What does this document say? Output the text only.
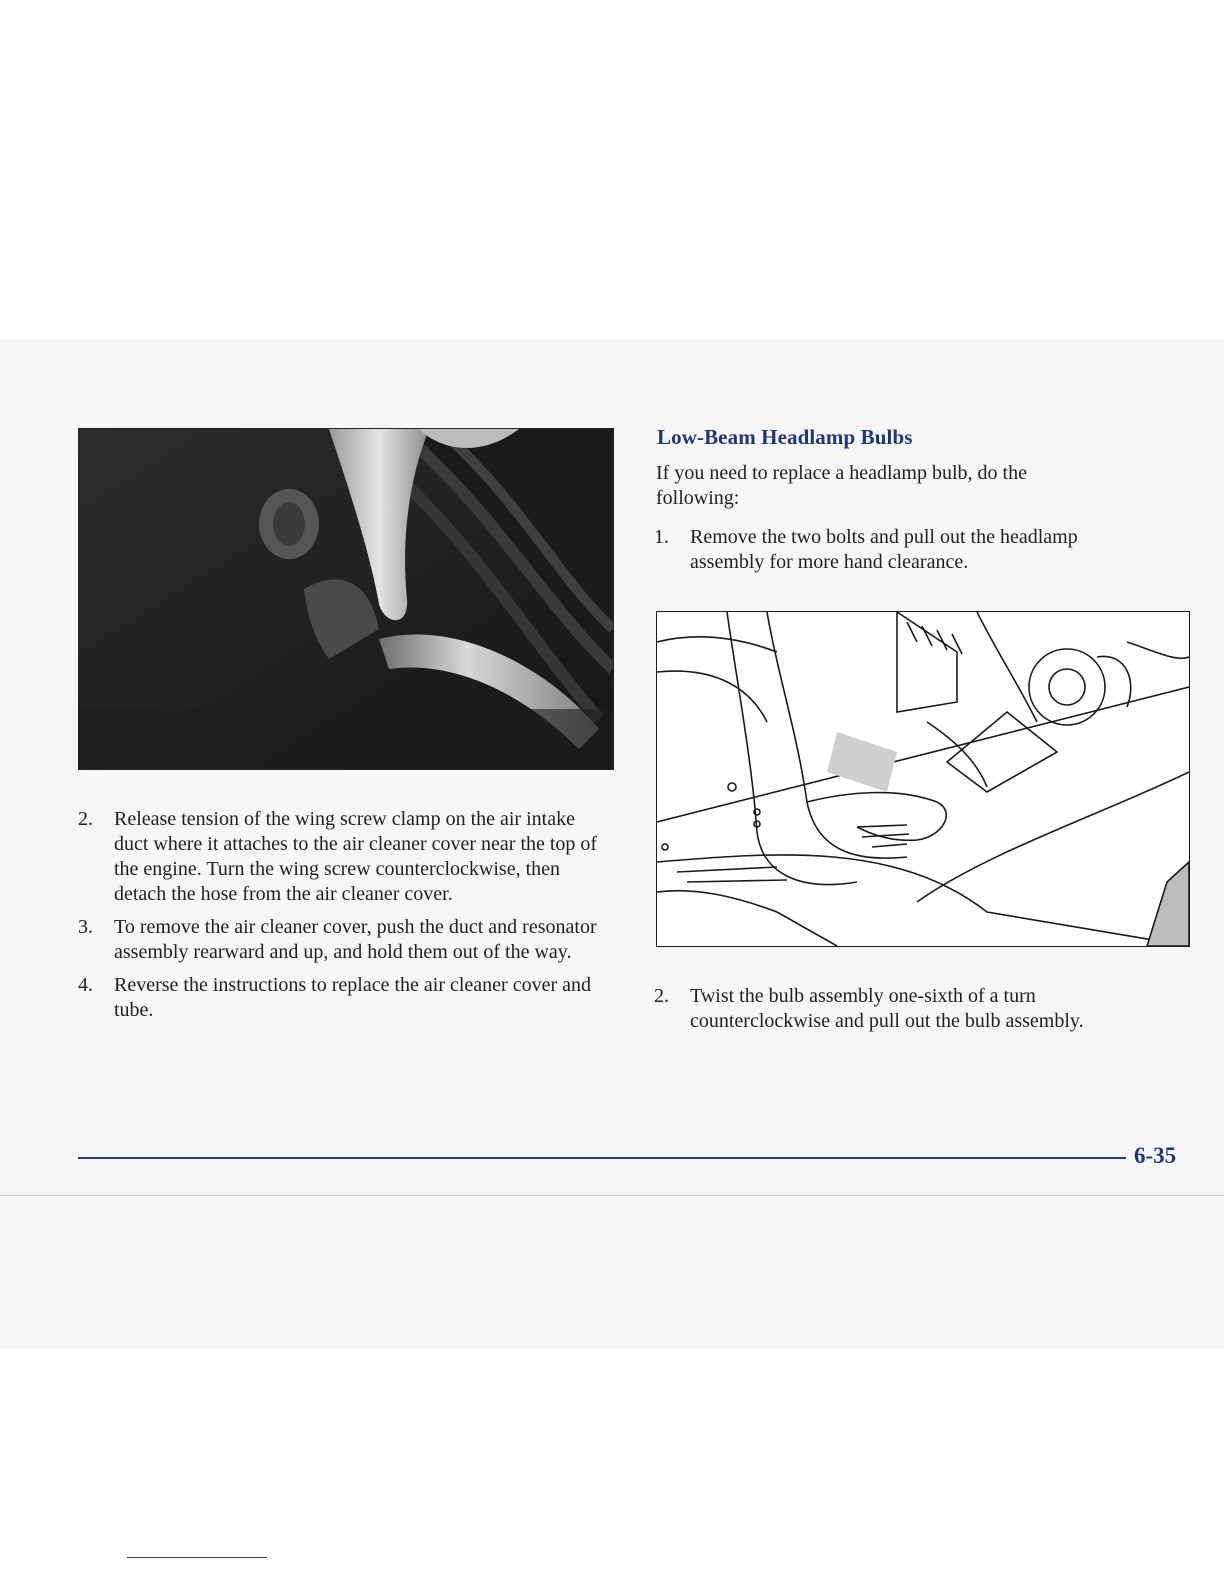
Low-Beam Headlamp Bulbs

If you need to replace a headlamp bulb, do the following:

1. Remove the two bolts and pull out the headlamp assembly for more hand clearance.
2. Twist the bulb assembly one-sixth of a turn counterclockwise and pull out the bulb assembly.
2. Release tension of the wing screw clamp on the air intake duct where it attaches to the air cleaner cover near the top of the engine. Turn the wing screw counterclockwise, then detach the hose from the air cleaner cover.
3. To remove the air cleaner cover, push the duct and resonator assembly rearward and up, and hold them out of the way.
4. Reverse the instructions to replace the air cleaner cover and tube.
6-35
